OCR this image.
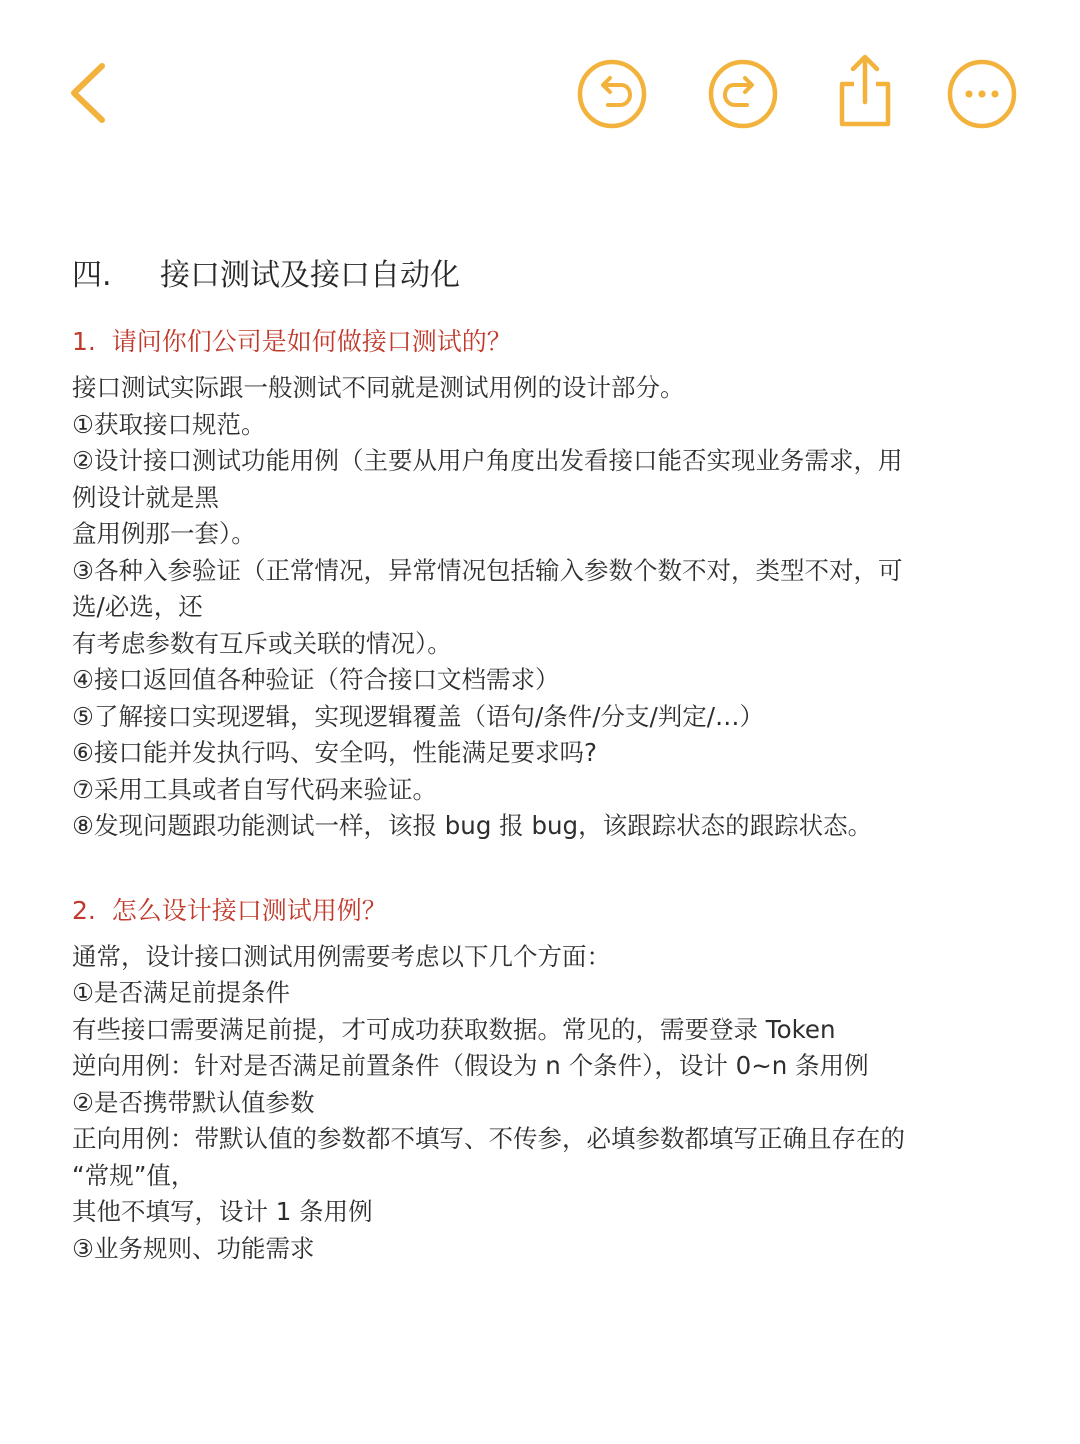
四. 接口测试及接口自动化
1.  请问你们公司是如何做接口测试的？
接口测试实际跟一般测试不同就是测试用例的设计部分。
①获取接口规范。
②设计接口测试功能用例（主要从用户角度出发看接口能否实现业务需求，用
例设计就是黑
盒用例那一套）。
③各种入参验证（正常情况，异常情况包括输入参数个数不对，类型不对，可
选/必选，还
有考虑参数有互斥或关联的情况）。
④接口返回值各种验证（符合接口文档需求）
⑤了解接口实现逻辑，实现逻辑覆盖（语句/条件/分支/判定/…）
⑥接口能并发执行吗、安全吗，性能满足要求吗?
⑦采用工具或者自写代码来验证。
⑧发现问题跟功能测试一样，该报 bug 报 bug，该跟踪状态的跟踪状态。
2.  怎么设计接口测试用例？
通常，设计接口测试用例需要考虑以下几个方面：
①是否满足前提条件
有些接口需要满足前提，才可成功获取数据。常见的，需要登录 Token
逆向用例：针对是否满足前置条件（假设为 n 个条件），设计 0~n 条用例
②是否携带默认值参数
正向用例：带默认值的参数都不填写、不传参，必填参数都填写正确且存在的
“常规”值，
其他不填写，设计 1 条用例
③业务规则、功能需求
